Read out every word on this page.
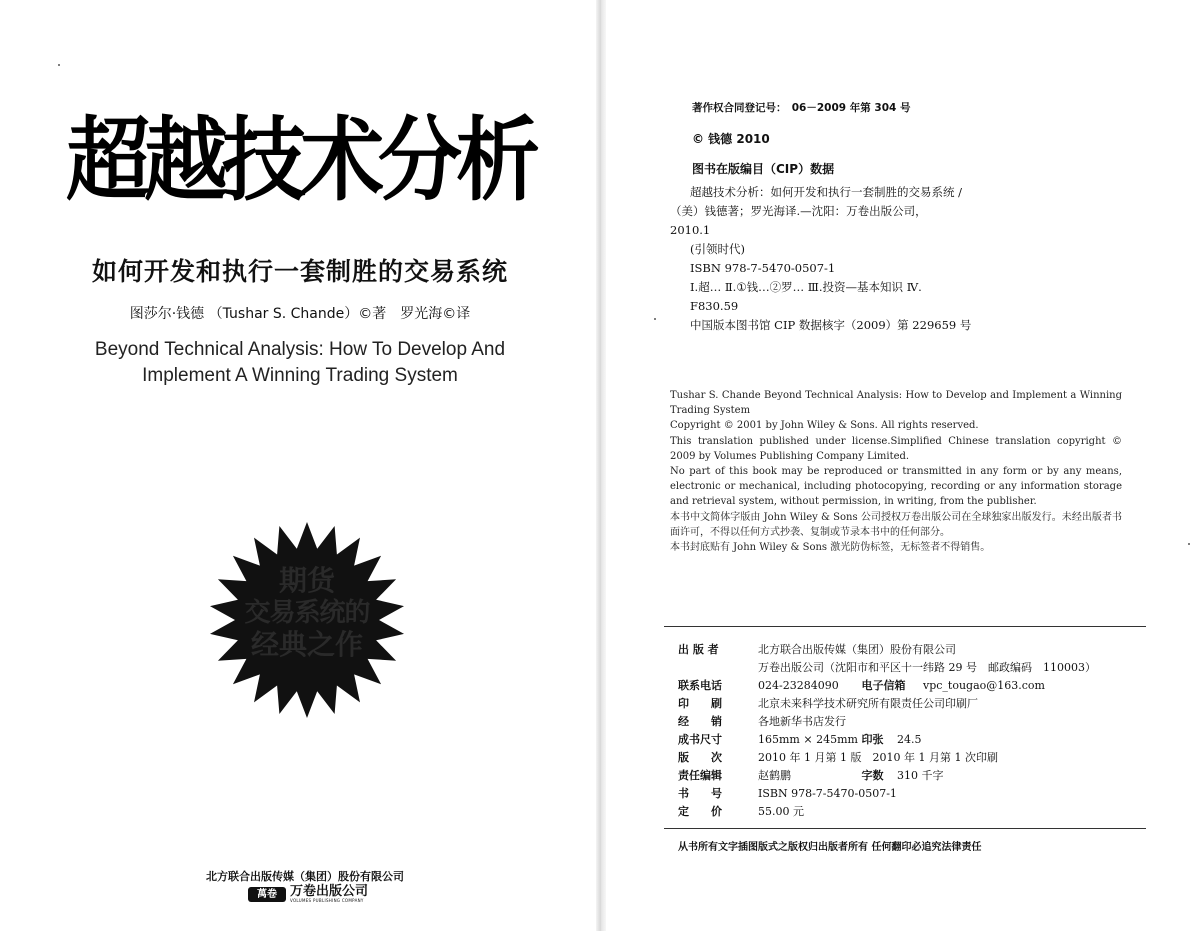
超越技术分析
如何开发和执行一套制胜的交易系统
图莎尔·钱德 （Tushar S. Chande）©著　罗光海©译
Beyond Technical Analysis: How To Develop And
Implement A Winning Trading System
期货
交易系统的
经典之作
北方联合出版传媒（集团）股份有限公司
萬卷	万卷出版公司
VOLUMES PUBLISHING COMPANY
著作权合同登记号：　06－2009 年第 304 号
© 钱德 2010
图书在版编目（CIP）数据
超越技术分析：如何开发和执行一套制胜的交易系统 /
（美）钱德著；罗光海译.—沈阳：万卷出版公司，
2010.1
(引领时代)
ISBN 978-7-5470-0507-1
Ⅰ.超… Ⅱ.①钱…②罗… Ⅲ.投资—基本知识 Ⅳ.
F830.59
中国版本图书馆 CIP 数据核字（2009）第 229659 号

Tushar S. Chande Beyond Technical Analysis: How to Develop and Implement a Winning Trading System

Copyright © 2001 by John Wiley & Sons. All rights reserved.

This translation published under license.Simplified Chinese translation copyright © 2009 by Volumes Publishing Company Limited.

No part of this book may be reproduced or transmitted in any form or by any means, electronic or mechanical, including photocopying, recording or any information storage and retrieval system, without permission, in writing, from the publisher.

本书中文简体字版由 John Wiley & Sons 公司授权万卷出版公司在全球独家出版发行。未经出版者书面许可，不得以任何方式抄袭、复制或节录本书中的任何部分。

本书封底贴有 John Wiley & Sons 激光防伪标签，无标签者不得销售。

出 版 者	北方联合出版传媒（集团）股份有限公司
	万卷出版公司（沈阳市和平区十一纬路 29 号　邮政编码　110003）
联系电话	024-23284090 电子信箱 vpc_tougao@163.com
印　　刷	北京未来科学技术研究所有限责任公司印刷厂
经　　销	各地新华书店发行
成书尺寸	165mm × 245mm 印张 24.5
版　　次	2010 年 1 月第 1 版　2010 年 1 月第 1 次印刷
责任编辑	赵鹤鹏 字数 310 千字
书　　号	ISBN 978-7-5470-0507-1
定　　价	55.00 元
从书所有文字插图版式之版权归出版者所有 任何翻印必追究法律责任
